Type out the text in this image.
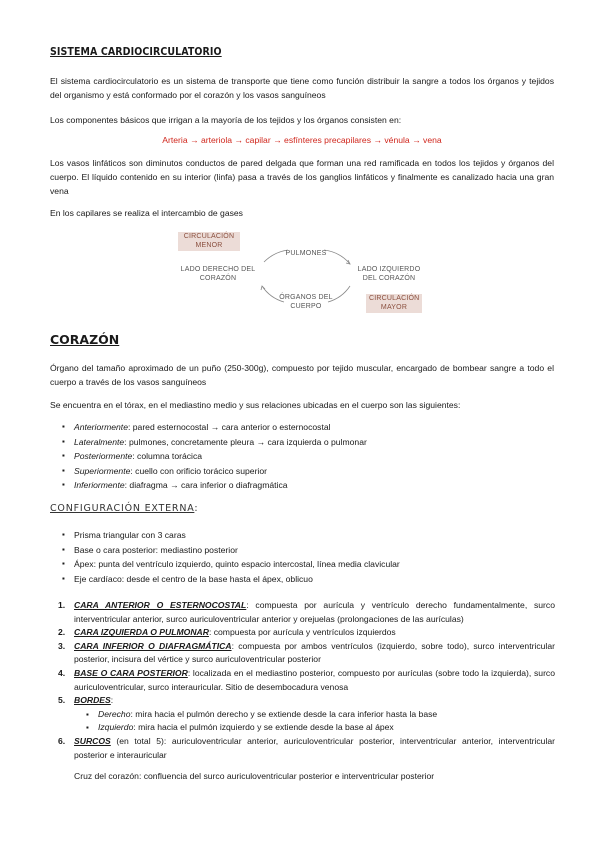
SISTEMA CARDIOCIRCULATORIO
El sistema cardiocirculatorio es un sistema de transporte que tiene como función distribuir la sangre a todos los órganos y tejidos del organismo y está conformado por el corazón y los vasos sanguíneos
Los componentes básicos que irrigan a la mayoría de los tejidos y los órganos consisten en:
Arteria → arteriola → capilar → esfínteres precapilares → vénula → vena
Los vasos linfáticos son diminutos conductos de pared delgada que forman una red ramificada en todos los tejidos y órganos del cuerpo. El líquido contenido en su interior (linfa) pasa a través de los ganglios linfáticos y finalmente es canalizado hacia una gran vena
En los capilares se realiza el intercambio de gases
CIRCULACIÓN MENOR
PULMONES
LADO DERECHO DEL CORAZÓN
LADO IZQUIERDO DEL CORAZÓN
ÓRGANOS DEL CUERPO
CIRCULACIÓN MAYOR
CORAZÓN
Órgano del tamaño aproximado de un puño (250-300g), compuesto por tejido muscular, encargado de bombear sangre a todo el cuerpo a través de los vasos sanguíneos
Se encuentra en el tórax, en el mediastino medio y sus relaciones ubicadas en el cuerpo son las siguientes:
▪ Anteriormente: pared esternocostal → cara anterior o esternocostal
▪ Lateralmente: pulmones, concretamente pleura → cara izquierda o pulmonar
▪ Posteriormente: columna torácica
▪ Superiormente: cuello con orificio torácico superior
▪ Inferiormente: diafragma → cara inferior o diafragmática
CONFIGURACIÓN EXTERNA:
▪ Prisma triangular con 3 caras
▪ Base o cara posterior: mediastino posterior
▪ Ápex: punta del ventrículo izquierdo, quinto espacio intercostal, línea media clavicular
▪ Eje cardíaco: desde el centro de la base hasta el ápex, oblicuo
1. CARA ANTERIOR O ESTERNOCOSTAL: compuesta por aurícula y ventrículo derecho fundamentalmente, surco interventricular anterior, surco auriculoventricular anterior y orejuelas (prolongaciones de las aurículas)
2. CARA IZQUIERDA O PULMONAR: compuesta por aurícula y ventrículos izquierdos
3. CARA INFERIOR O DIAFRAGMÁTICA: compuesta por ambos ventrículos (izquierdo, sobre todo), surco interventricular posterior, incisura del vértice y surco auriculoventricular posterior
4. BASE O CARA POSTERIOR: localizada en el mediastino posterior, compuesto por aurículas (sobre todo la izquierda), surco auriculoventricular, surco interauricular. Sitio de desembocadura venosa
5. BORDES:
▪ Derecho: mira hacia el pulmón derecho y se extiende desde la cara inferior hasta la base
▪ Izquierdo: mira hacia el pulmón izquierdo y se extiende desde la base al ápex
6. SURCOS (en total 5): auriculoventricular anterior, auriculoventricular posterior, interventricular anterior, interventricular posterior e interauricular
Cruz del corazón: confluencia del surco auriculoventricular posterior e interventricular posterior
